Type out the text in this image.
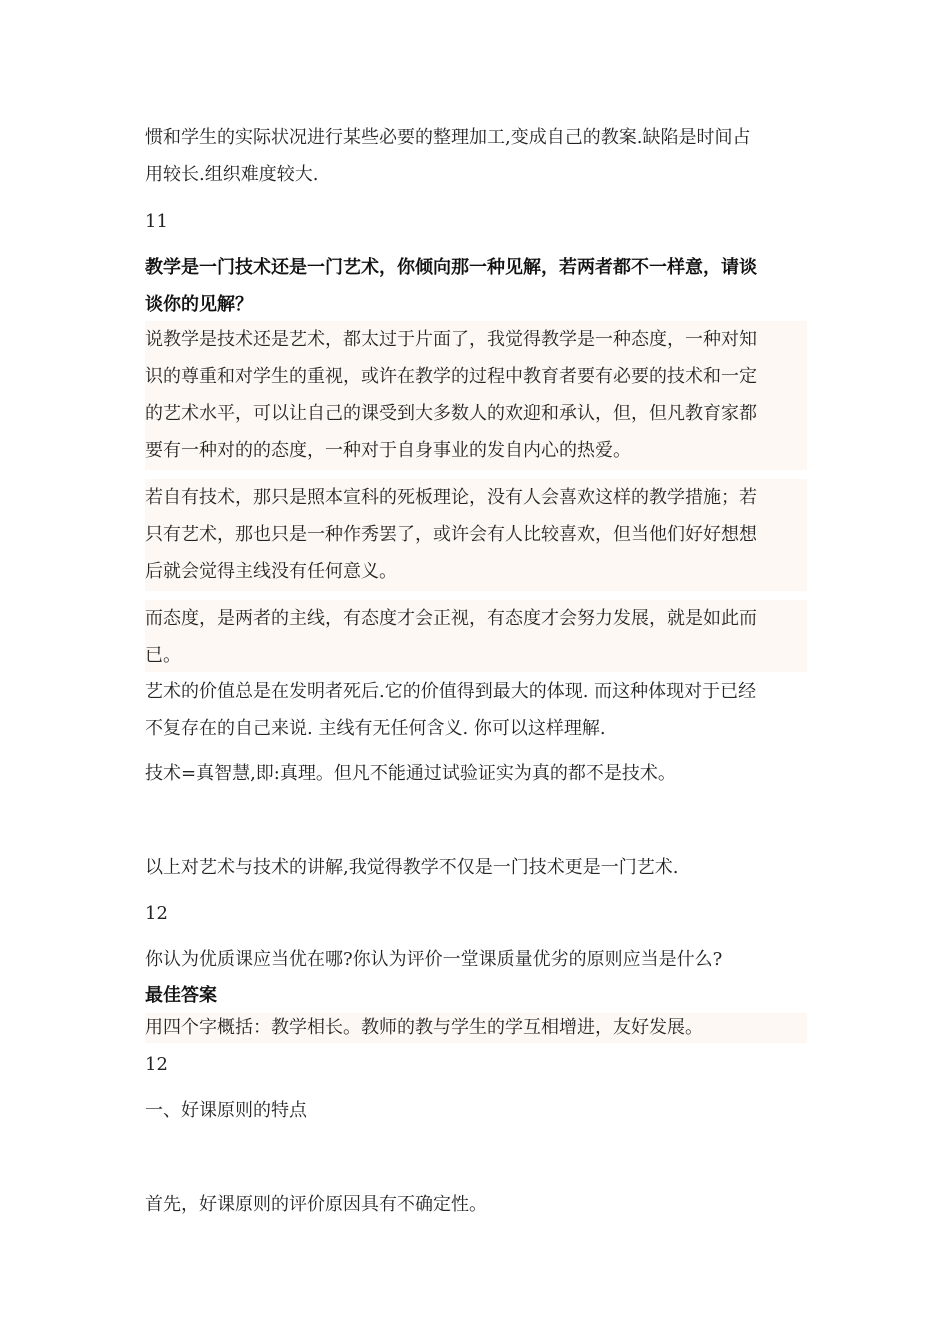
惯和学生的实际状况进行某些必要的整理加工,变成自己的教案.缺陷是时间占
用较长.组织难度较大.

11

教学是一门技术还是一门艺术，你倾向那一种见解，若两者都不一样意，请谈
谈你的见解？

说教学是技术还是艺术，都太过于片面了，我觉得教学是一种态度，一种对知
识的尊重和对学生的重视，或许在教学的过程中教育者要有必要的技术和一定
的艺术水平，可以让自己的课受到大多数人的欢迎和承认，但，但凡教育家都
要有一种对的的态度，一种对于自身事业的发自内心的热爱。

若自有技术，那只是照本宣科的死板理论，没有人会喜欢这样的教学措施；若
只有艺术，那也只是一种作秀罢了，或许会有人比较喜欢，但当他们好好想想
后就会觉得主线没有任何意义。

而态度，是两者的主线，有态度才会正视，有态度才会努力发展，就是如此而
已。

艺术的价值总是在发明者死后.它的价值得到最大的体现. 而这种体现对于已经
不复存在的自己来说. 主线有无任何含义. 你可以这样理解.

技术=真智慧,即:真理。但凡不能通过试验证实为真的都不是技术。

以上对艺术与技术的讲解,我觉得教学不仅是一门技术更是一门艺术.

12

你认为优质课应当优在哪?你认为评价一堂课质量优劣的原则应当是什么?

最佳答案

用四个字概括：教学相长。教师的教与学生的学互相增进，友好发展。

12

一、好课原则的特点

首先，好课原则的评价原因具有不确定性。
